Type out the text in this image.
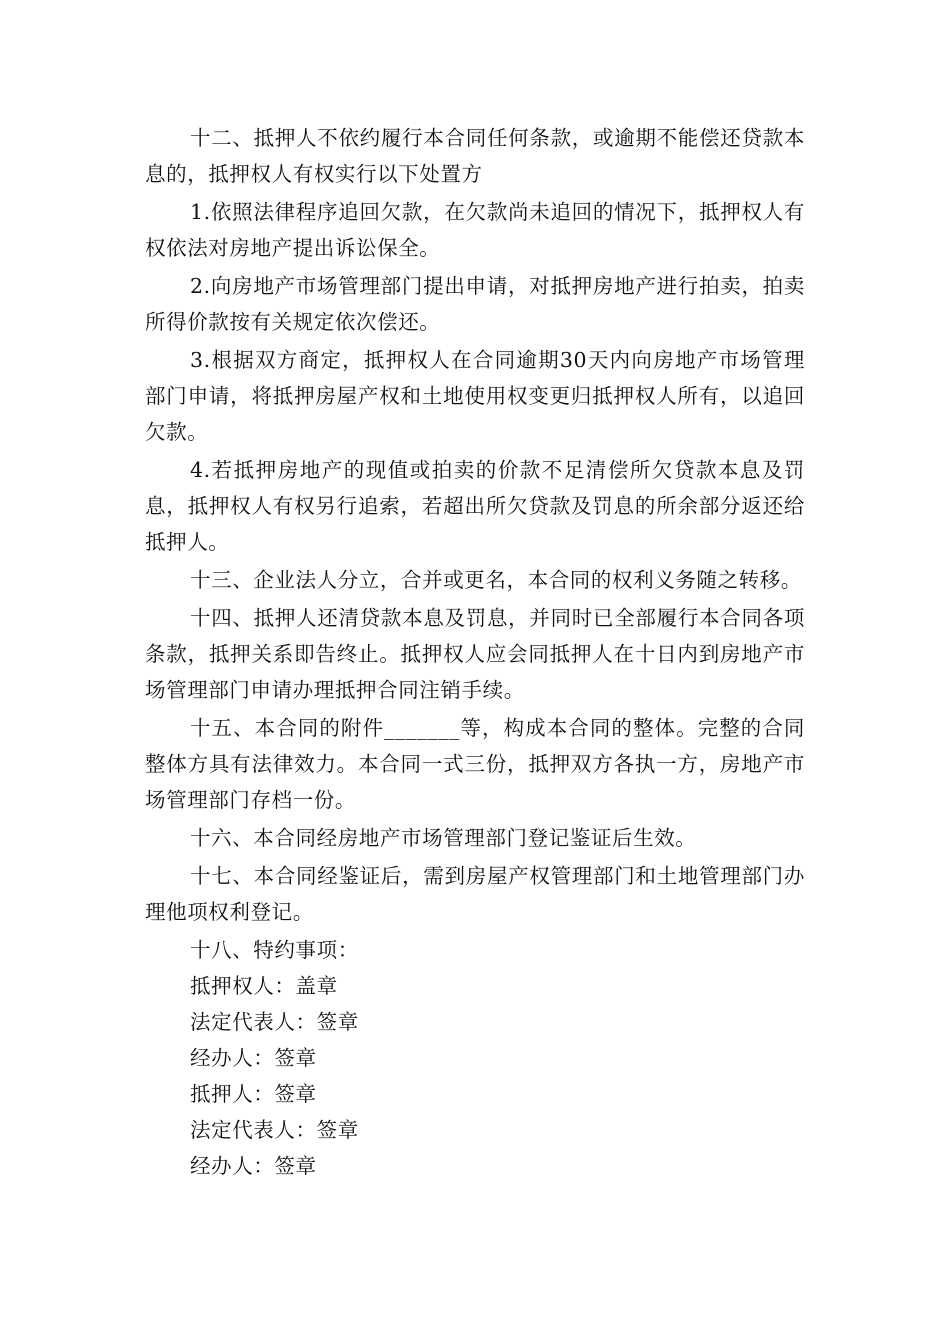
十二、抵押人不依约履行本合同任何条款，或逾期不能偿还贷款本息的，抵押权人有权实行以下处置方

1.依照法律程序追回欠款，在欠款尚未追回的情况下，抵押权人有权依法对房地产提出诉讼保全。

2.向房地产市场管理部门提出申请，对抵押房地产进行拍卖，拍卖所得价款按有关规定依次偿还。

3.根据双方商定，抵押权人在合同逾期30天内向房地产市场管理部门申请，将抵押房屋产权和土地使用权变更归抵押权人所有，以追回欠款。

4.若抵押房地产的现值或拍卖的价款不足清偿所欠贷款本息及罚息，抵押权人有权另行追索，若超出所欠贷款及罚息的所余部分返还给抵押人。

十三、企业法人分立，合并或更名，本合同的权利义务随之转移。

十四、抵押人还清贷款本息及罚息，并同时已全部履行本合同各项条款，抵押关系即告终止。抵押权人应会同抵押人在十日内到房地产市场管理部门申请办理抵押合同注销手续。

十五、本合同的附件_______等，构成本合同的整体。完整的合同整体方具有法律效力。本合同一式三份，抵押双方各执一方，房地产市场管理部门存档一份。

十六、本合同经房地产市场管理部门登记鉴证后生效。

十七、本合同经鉴证后，需到房屋产权管理部门和土地管理部门办理他项权利登记。

十八、特约事项：

抵押权人：盖章

法定代表人：签章

经办人：签章

抵押人：签章

法定代表人：签章

经办人：签章
